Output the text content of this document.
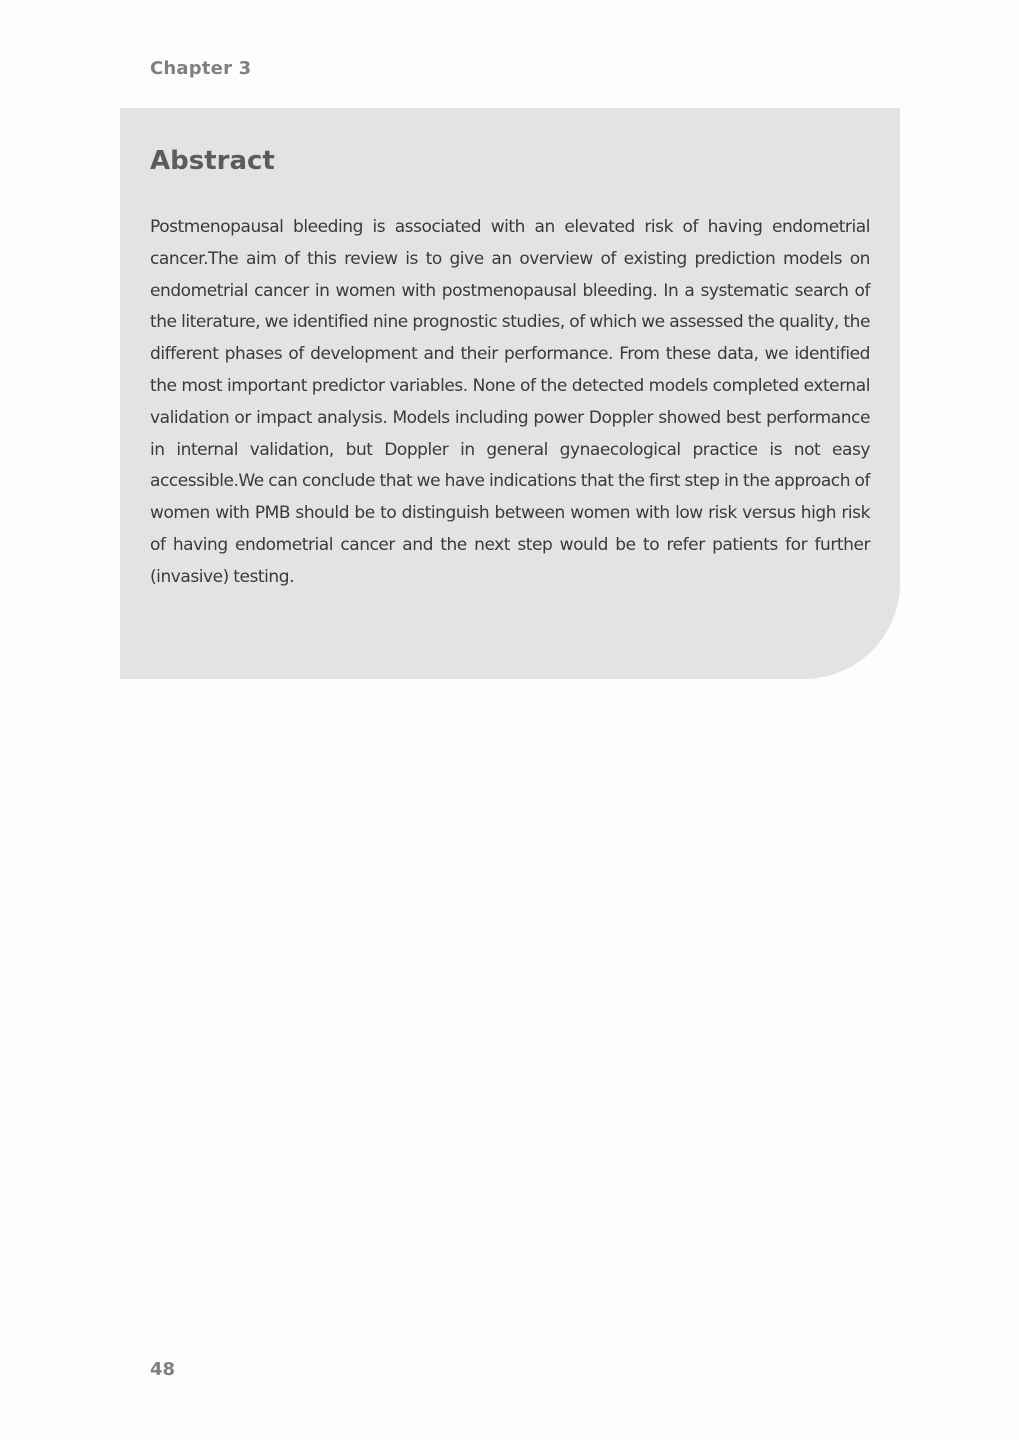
Chapter 3
Abstract

Postmenopausal bleeding is associated with an elevated risk of having endometrial cancer.The aim of this review is to give an overview of existing prediction models on endometrial cancer in women with postmenopausal bleeding. In a systematic search of the literature, we identified nine prognostic studies, of which we assessed the quality, the different phases of development and their performance. From these data, we identified the most important predictor variables. None of the detected models completed external validation or impact analysis. Models including power Doppler showed best performance in internal validation, but Doppler in general gynaecological practice is not easy accessible.We can conclude that we have indications that the first step in the approach of women with PMB should be to distinguish between women with low risk versus high risk of having endometrial cancer and the next step would be to refer patients for further (invasive) testing.

48
